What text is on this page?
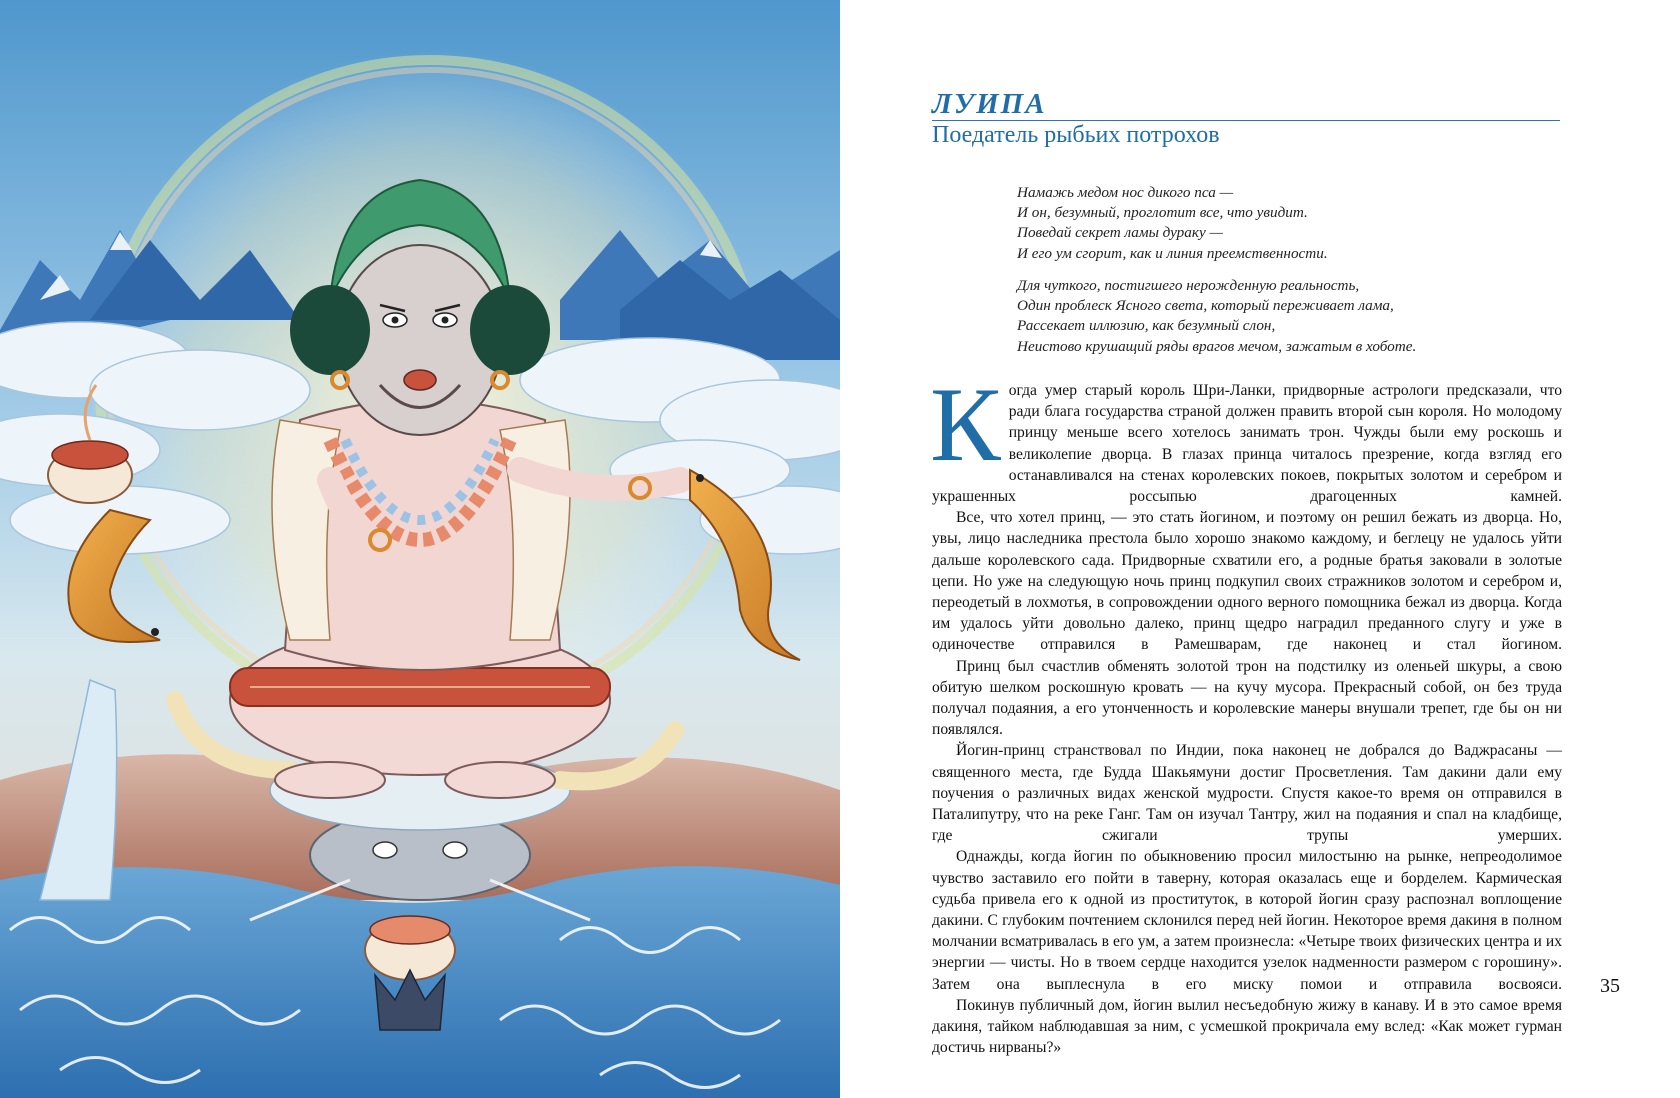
ЛУИПА
Поедатель рыбьих потрохов
Намажь медом нос дикого пса —
И он, безумный, проглотит все, что увидит.
Поведай секрет ламы дураку —
И его ум сгорит, как и линия преемственности.
Для чуткого, постигшего нерожденную реальность,
Один проблеск Ясного света, который переживает лама,
Рассекает иллюзию, как безумный слон,
Неистово крушащий ряды врагов мечом, зажатым в хоботе.
К огда умер старый король Шри-Ланки, придворные астрологи предсказали, что ради блага государства страной должен править второй сын короля. Но молодому принцу меньше всего хотелось занимать трон. Чужды были ему роскошь и великолепие дворца. В глазах принца читалось презрение, когда взгляд его останавливался на стенах королевских покоев, покрытых золотом и серебром и украшенных россыпью драгоценных камней.

Все, что хотел принц, — это стать йогином, и поэтому он решил бежать из дворца. Но, увы, лицо наследника престола было хорошо знакомо каждому, и беглецу не удалось уйти дальше королевского сада. Придворные схватили его, а родные братья заковали в золотые цепи. Но уже на следующую ночь принц подкупил своих стражников золотом и серебром и, переодетый в лохмотья, в сопровождении одного верного помощника бежал из дворца. Когда им удалось уйти довольно далеко, принц щедро наградил преданного слугу и уже в одиночестве отправился в Рамешварам, где наконец и стал йогином.

Принц был счастлив обменять золотой трон на подстилку из оленьей шкуры, а свою обитую шелком роскошную кровать — на кучу мусора. Прекрасный собой, он без труда получал подаяния, а его утонченность и королевские манеры внушали трепет, где бы он ни появлялся.

Йогин-принц странствовал по Индии, пока наконец не добрался до Ваджрасаны — священного места, где Будда Шакьямуни достиг Просветления. Там дакини дали ему поучения о различных видах женской мудрости. Спустя какое-то время он отправился в Паталипутру, что на реке Ганг. Там он изучал Тантру, жил на подаяния и спал на кладбище, где сжигали трупы умерших.

Однажды, когда йогин по обыкновению просил милостыню на рынке, непреодолимое чувство заставило его пойти в таверну, которая оказалась еще и борделем. Кармическая судьба привела его к одной из проституток, в которой йогин сразу распознал воплощение дакини. С глубоким почтением склонился перед ней йогин. Некоторое время дакиня в полном молчании всматривалась в его ум, а затем произнесла: «Четыре твоих физических центра и их энергии — чисты. Но в твоем сердце находится узелок надменности размером с горошину». Затем она выплеснула в его миску помои и отправила восвояси.

Покинув публичный дом, йогин вылил несъедобную жижу в канаву. И в это самое время дакиня, тайком наблюдавшая за ним, с усмешкой прокричала ему вслед: «Как может гурман достичь нирваны?»

35
